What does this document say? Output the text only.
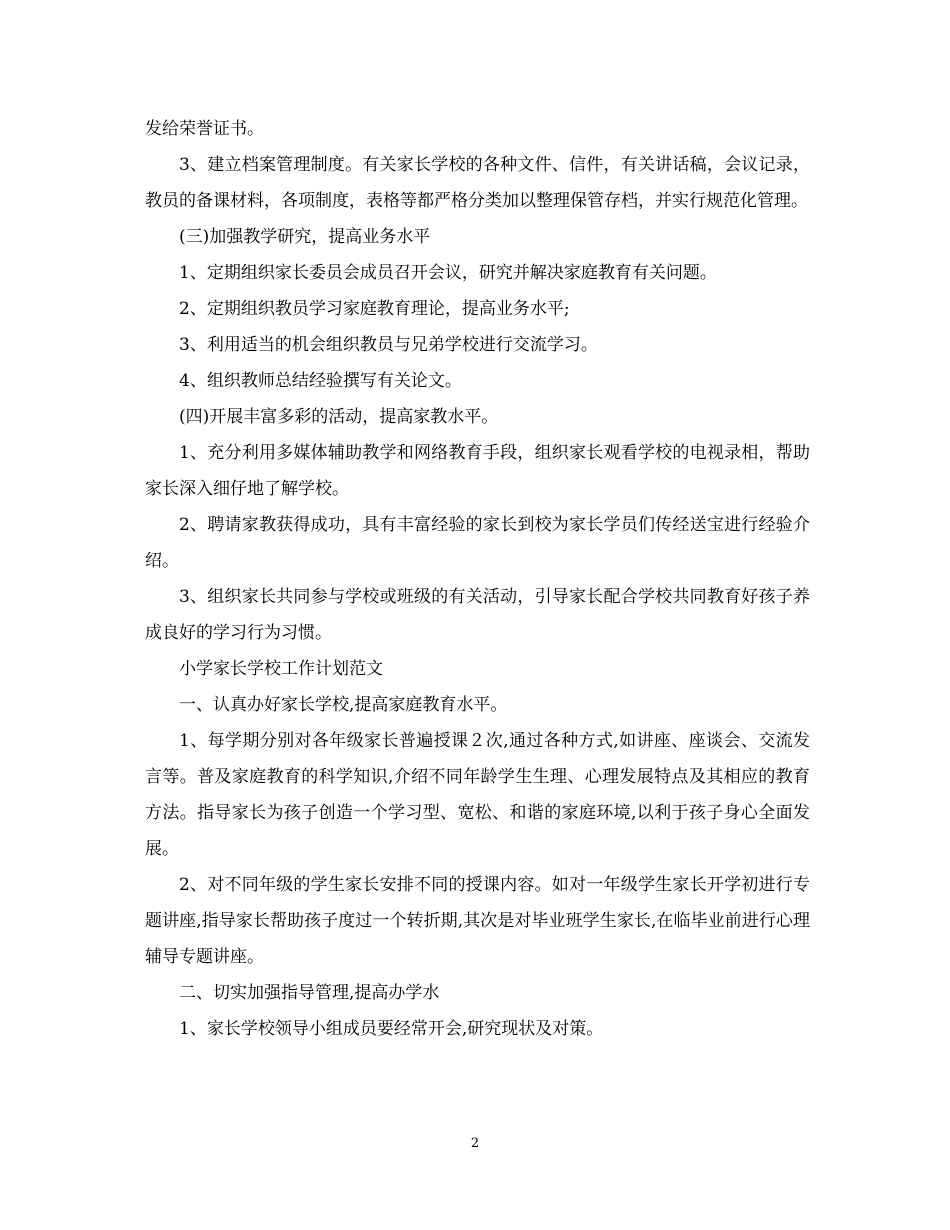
发给荣誉证书。

3、建立档案管理制度。有关家长学校的各种文件、信件，有关讲话稿，会议记录，教员的备课材料，各项制度，表格等都严格分类加以整理保管存档，并实行规范化管理。

(三)加强教学研究，提高业务水平

1、定期组织家长委员会成员召开会议，研究并解决家庭教育有关问题。

2、定期组织教员学习家庭教育理论，提高业务水平;

3、利用适当的机会组织教员与兄弟学校进行交流学习。

4、组织教师总结经验撰写有关论文。

(四)开展丰富多彩的活动，提高家教水平。

1、充分利用多媒体辅助教学和网络教育手段，组织家长观看学校的电视录相，帮助家长深入细仔地了解学校。

2、聘请家教获得成功，具有丰富经验的家长到校为家长学员们传经送宝进行经验介绍。

3、组织家长共同参与学校或班级的有关活动，引导家长配合学校共同教育好孩子养成良好的学习行为习惯。

小学家长学校工作计划范文

一、认真办好家长学校,提高家庭教育水平。

1、每学期分别对各年级家长普遍授课２次,通过各种方式,如讲座、座谈会、交流发言等。普及家庭教育的科学知识,介绍不同年龄学生生理、心理发展特点及其相应的教育方法。指导家长为孩子创造一个学习型、宽松、和谐的家庭环境,以利于孩子身心全面发展。

2、对不同年级的学生家长安排不同的授课内容。如对一年级学生家长开学初进行专题讲座,指导家长帮助孩子度过一个转折期,其次是对毕业班学生家长,在临毕业前进行心理辅导专题讲座。

二、切实加强指导管理,提高办学水

1、家长学校领导小组成员要经常开会,研究现状及对策。

2
